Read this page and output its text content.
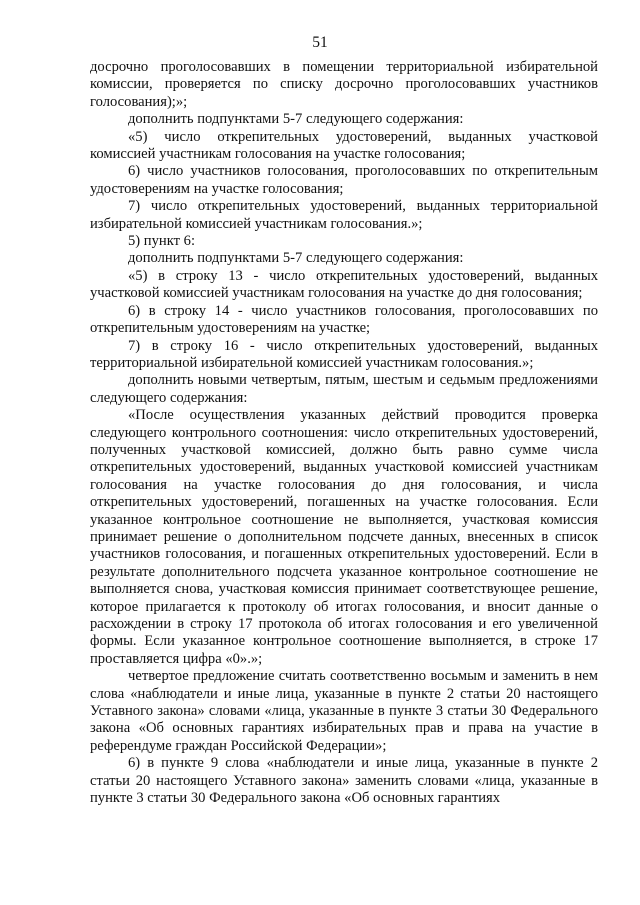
51

досрочно проголосовавших в помещении территориальной избирательной комиссии, проверяется по списку досрочно проголосовавших участников голосования);»;

дополнить подпунктами 5-7 следующего содержания:

«5) число открепительных удостоверений, выданных участковой комиссией участникам голосования на участке голосования;

6) число участников голосования, проголосовавших по открепительным удостоверениям на участке голосования;

7) число открепительных удостоверений, выданных территориальной избирательной комиссией участникам голосования.»;

5) пункт 6:

дополнить подпунктами 5-7 следующего содержания:

«5) в строку 13 - число открепительных удостоверений, выданных участковой комиссией участникам голосования на участке до дня голосования;

6) в строку 14 - число участников голосования, проголосовавших по открепительным удостоверениям на участке;

7) в строку 16 - число открепительных удостоверений, выданных территориальной избирательной комиссией участникам голосования.»;

дополнить новыми четвертым, пятым, шестым и седьмым предложениями следующего содержания:

«После осуществления указанных действий проводится проверка следующего контрольного соотношения: число открепительных удостоверений, полученных участковой комиссией, должно быть равно сумме числа открепительных удостоверений, выданных участковой комиссией участникам голосования на участке голосования до дня голосования, и числа открепительных удостоверений, погашенных на участке голосования. Если указанное контрольное соотношение не выполняется, участковая комиссия принимает решение о дополнительном подсчете данных, внесенных в список участников голосования, и погашенных открепительных удостоверений. Если в результате дополнительного подсчета указанное контрольное соотношение не выполняется снова, участковая комиссия принимает соответствующее решение, которое прилагается к протоколу об итогах голосования, и вносит данные о расхождении в строку 17 протокола об итогах голосования и его увеличенной формы. Если указанное контрольное соотношение выполняется, в строке 17 проставляется цифра «0».»;

четвертое предложение считать соответственно восьмым и заменить в нем слова «наблюдатели и иные лица, указанные в пункте 2 статьи 20 настоящего Уставного закона» словами «лица, указанные в пункте 3 статьи 30 Федерального закона «Об основных гарантиях избирательных прав и права на участие в референдуме граждан Российской Федерации»;

6) в пункте 9 слова «наблюдатели и иные лица, указанные в пункте 2 статьи 20 настоящего Уставного закона» заменить словами «лица, указанные в пункте 3 статьи 30 Федерального закона «Об основных гарантиях
